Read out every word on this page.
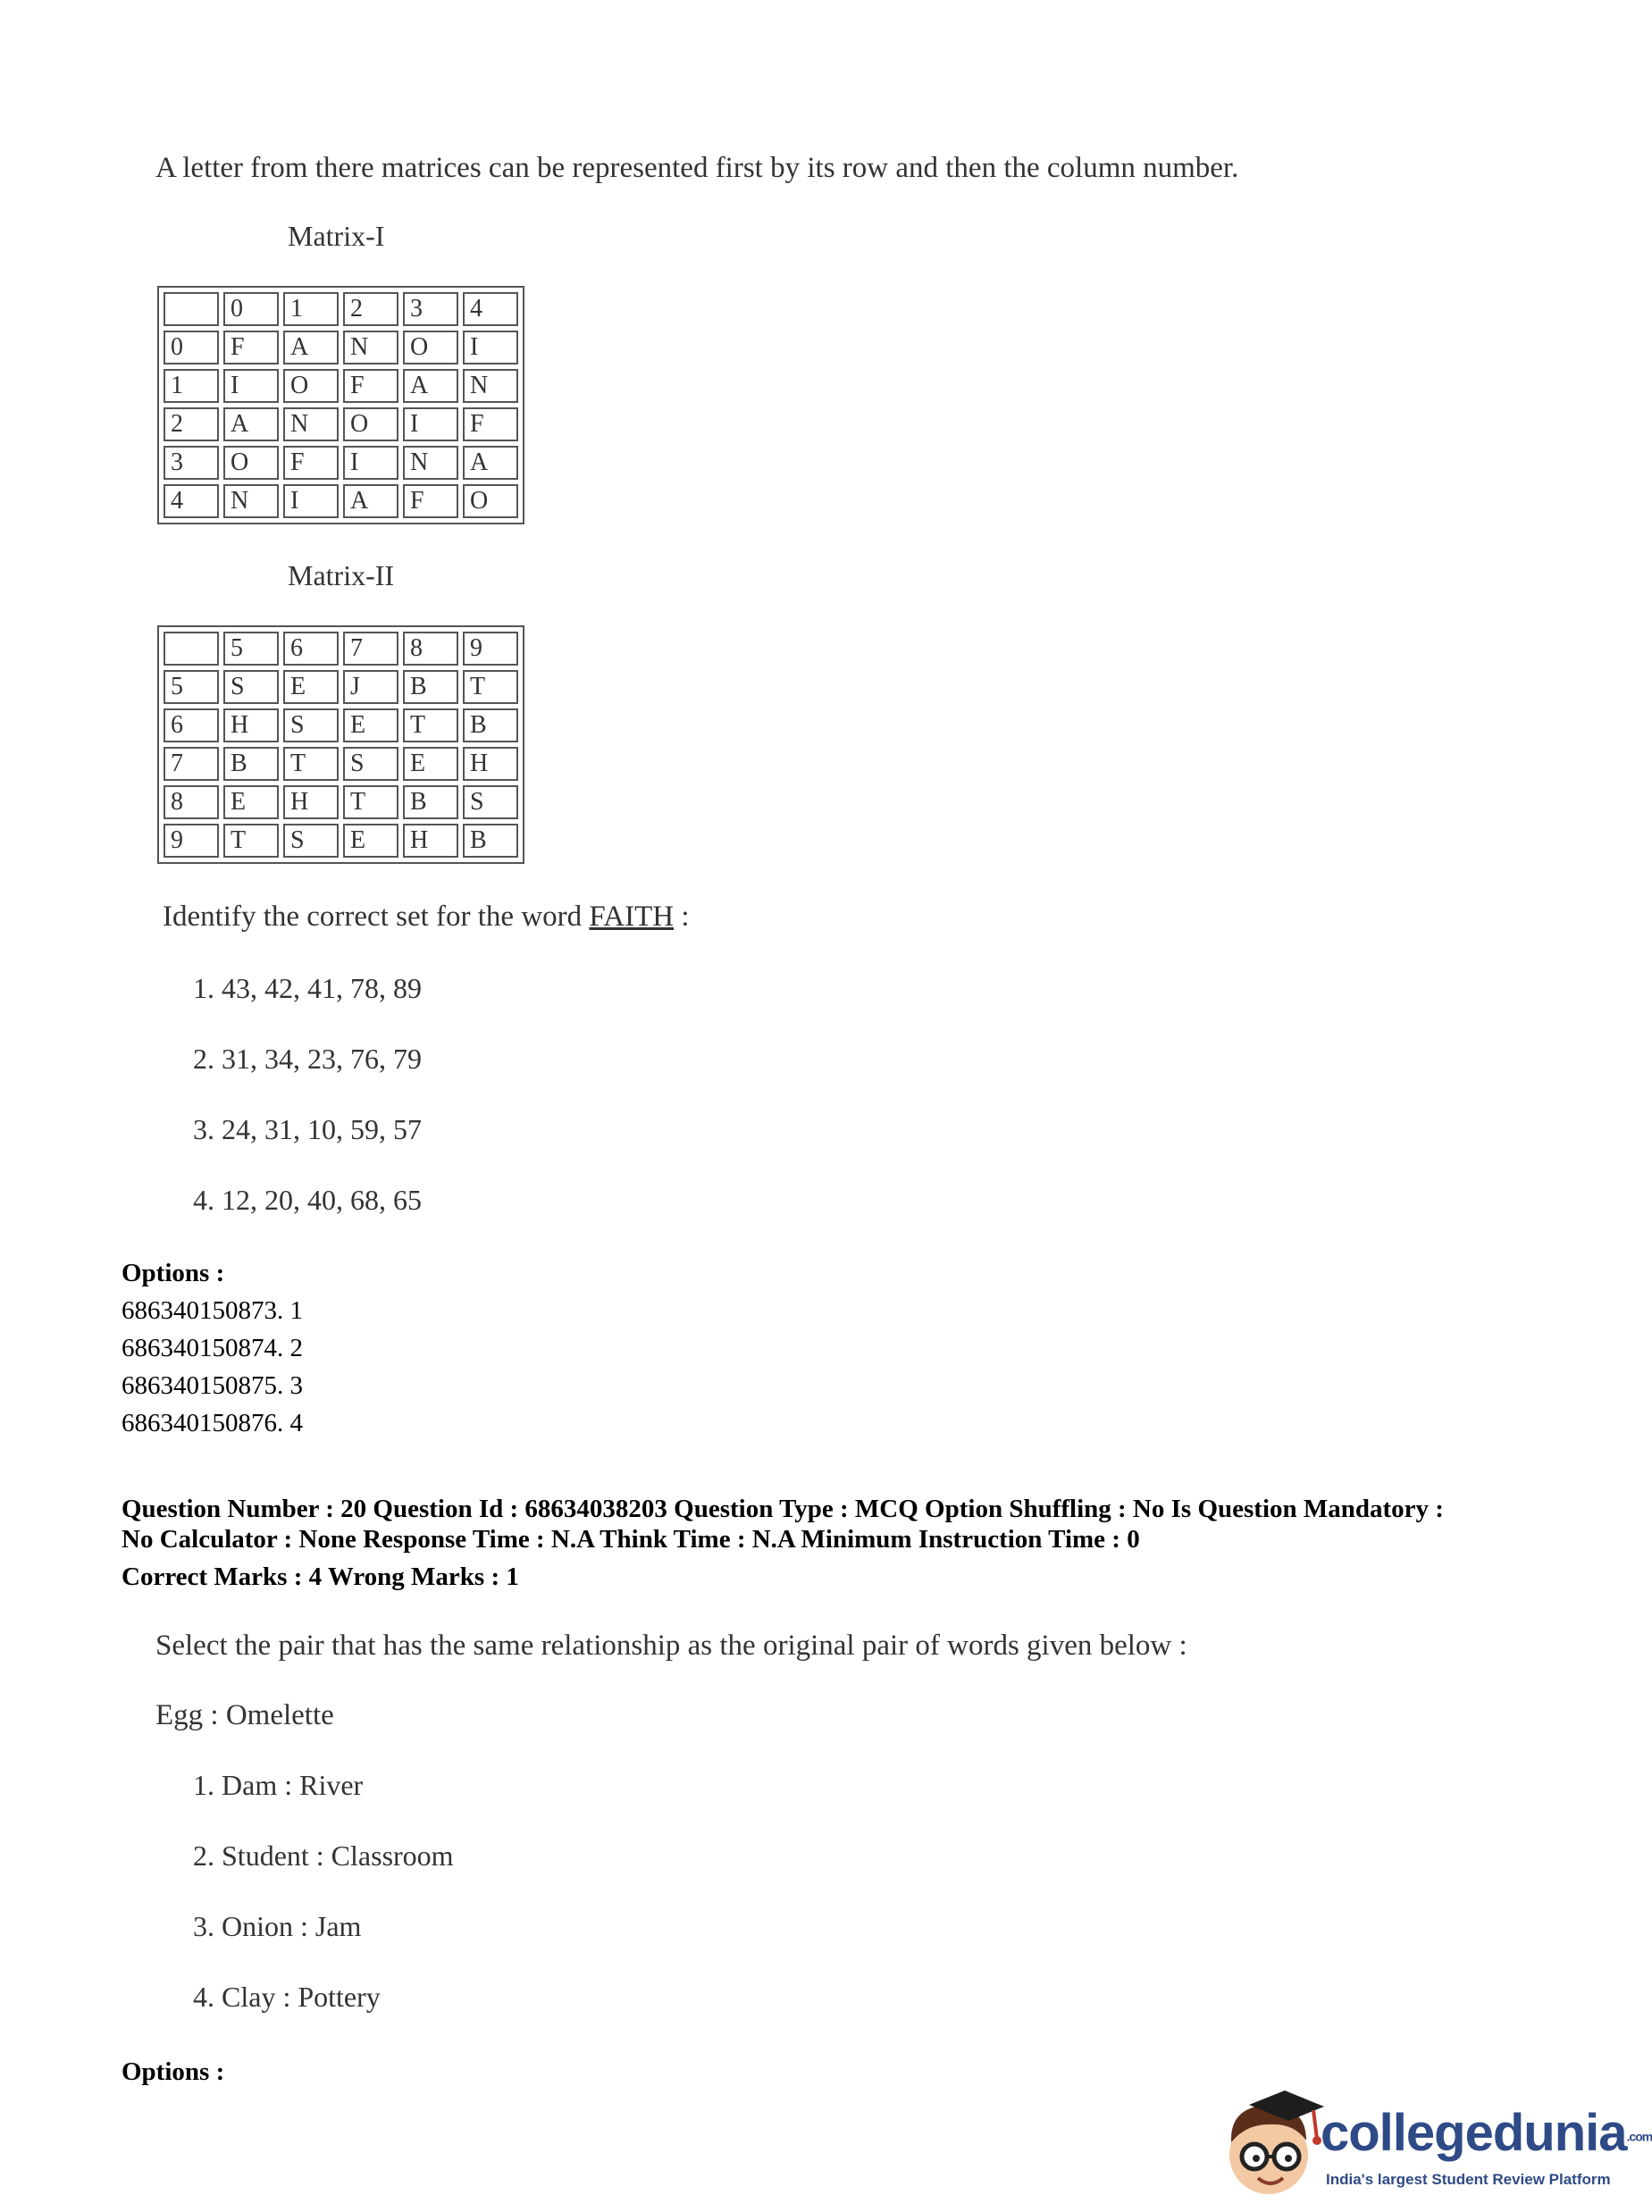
A letter from there matrices can be represented first by its row and then the column number.
Matrix-I
	0	1	2	3	4
0	F	A	N	O	I
1	I	O	F	A	N
2	A	N	O	I	F
3	O	F	I	N	A
4	N	I	A	F	O
Matrix-II
	5	6	7	8	9
5	S	E	J	B	T
6	H	S	E	T	B
7	B	T	S	E	H
8	E	H	T	B	S
9	T	S	E	H	B
Identify the correct set for the word FAITH :
1. 43, 42, 41, 78, 89
2. 31, 34, 23, 76, 79
3. 24, 31, 10, 59, 57
4. 12, 20, 40, 68, 65
Options :
686340150873. 1
686340150874. 2
686340150875. 3
686340150876. 4
Question Number : 20 Question Id : 68634038203 Question Type : MCQ Option Shuffling : No Is Question Mandatory :
No Calculator : None Response Time : N.A Think Time : N.A Minimum Instruction Time : 0
Correct Marks : 4 Wrong Marks : 1
Select the pair that has the same relationship as the original pair of words given below :
Egg : Omelette
1. Dam : River
2. Student : Classroom
3. Onion : Jam
4. Clay : Pottery
Options :
collegedunia.com
India's largest Student Review Platform
